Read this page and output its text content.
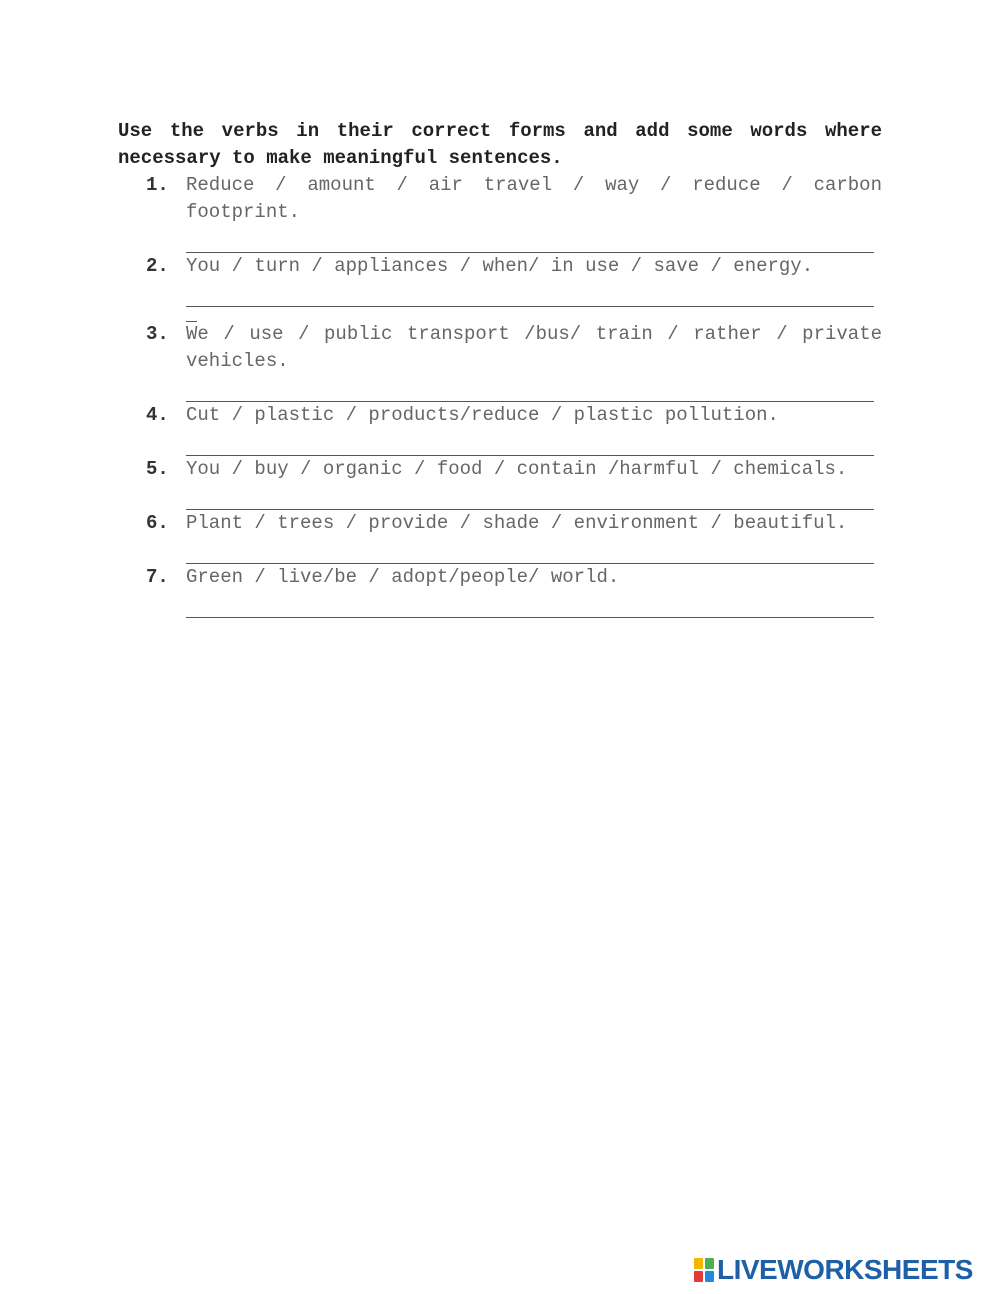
Use the verbs in their correct forms and add some words where necessary to make meaningful sentences.

1. Reduce / amount / air travel / way / reduce / carbon footprint.

2. You / turn / appliances / when/ in use / save / energy.

3. We / use / public transport /bus/ train / rather / private vehicles.

4. Cut / plastic / products/reduce / plastic pollution.

5. You / buy / organic / food / contain /harmful / chemicals.

6. Plant / trees / provide / shade / environment / beautiful.

7. Green / live/be / adopt/people/ world.

LIVEWORKSHEETS
